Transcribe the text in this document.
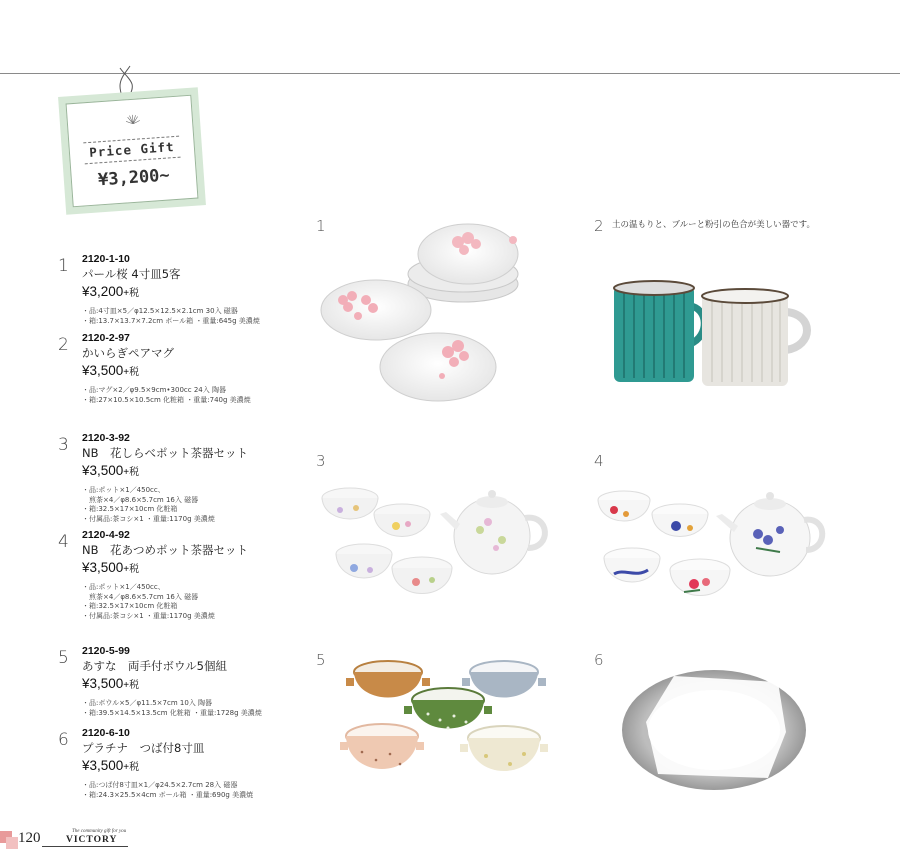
Price Gift
¥3,200~
1 2120-1-10
パール桜 4寸皿5客
¥3,200+税
・品:4寸皿×5／φ12.5×12.5×2.1cm 30入 磁器
・箱:13.7×13.7×7.2cm ボール箱 ・重量:645g 美濃焼
2 2120-2-97
かいらぎペアマグ
¥3,500+税
・品:マグ×2／φ9.5×9cm•300cc 24入 陶器
・箱:27×10.5×10.5cm 化粧箱 ・重量:740g 美濃焼
3 2120-3-92
NB　花しらべポット茶器セット
¥3,500+税
・品:ポット×1／450cc、
　煎茶×4／φ8.6×5.7cm 16入 磁器
・箱:32.5×17×10cm 化粧箱
・付属品:茶コシ×1 ・重量:1170g 美濃焼
4 2120-4-92
NB　花あつめポット茶器セット
¥3,500+税
・品:ポット×1／450cc、
　煎茶×4／φ8.6×5.7cm 16入 磁器
・箱:32.5×17×10cm 化粧箱
・付属品:茶コシ×1 ・重量:1170g 美濃焼
5 2120-5-99
あすな　両手付ボウル5個組
¥3,500+税
・品:ボウル×5／φ11.5×7cm 10入 陶器
・箱:39.5×14.5×13.5cm 化粧箱 ・重量:1728g 美濃焼
6 2120-6-10
プラチナ　つば付8寸皿
¥3,500+税
・品:つば付8寸皿×1／φ24.5×2.7cm 28入 磁器
・箱:24.3×25.5×4cm ボール箱 ・重量:690g 美濃焼
1	2
3	4
5	6
土の温もりと、ブルーと粉引の色合が美しい器です。
120	The community gift for you
VICTORY
